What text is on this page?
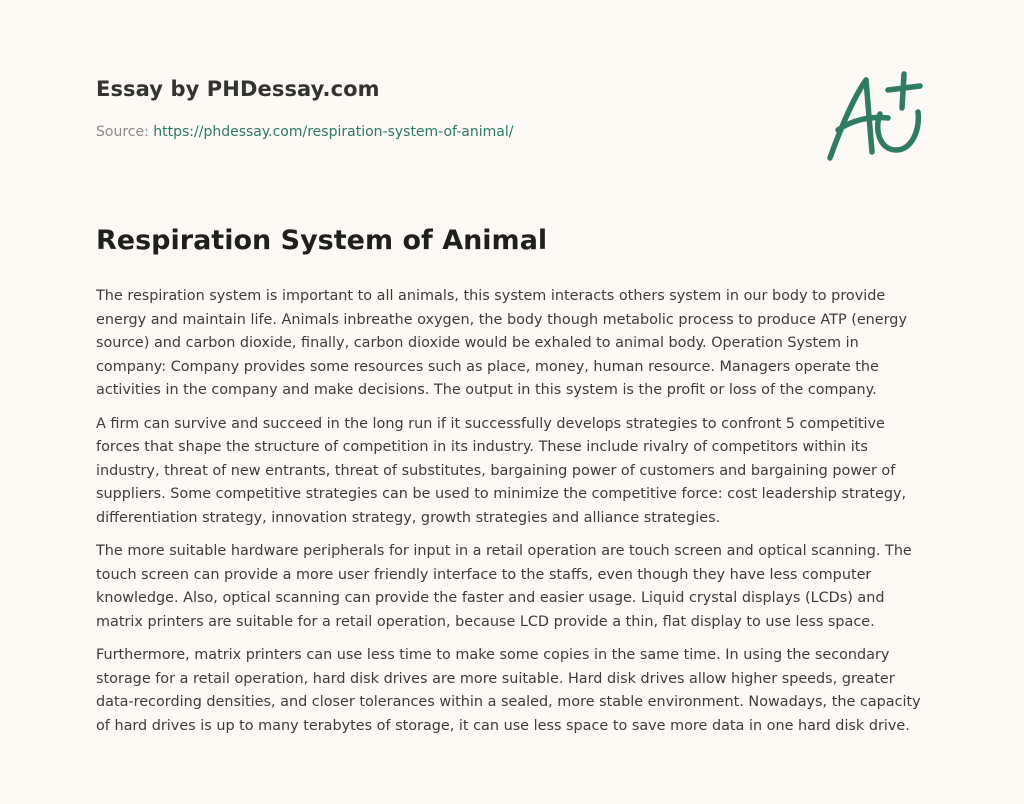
Essay by PHDessay.com
Source: https://phdessay.com/respiration-system-of-animal/
Respiration System of Animal

The respiration system is important to all animals, this system interacts others system in our body to provide energy and maintain life. Animals inbreathe oxygen, the body though metabolic process to produce ATP (energy source) and carbon dioxide, finally, carbon dioxide would be exhaled to animal body. Operation System in company: Company provides some resources such as place, money, human resource. Managers operate the activities in the company and make decisions. The output in this system is the profit or loss of the company.

A firm can survive and succeed in the long run if it successfully develops strategies to confront 5 competitive forces that shape the structure of competition in its industry. These include rivalry of competitors within its industry, threat of new entrants, threat of substitutes, bargaining power of customers and bargaining power of suppliers. Some competitive strategies can be used to minimize the competitive force: cost leadership strategy, differentiation strategy, innovation strategy, growth strategies and alliance strategies.

The more suitable hardware peripherals for input in a retail operation are touch screen and optical scanning. The touch screen can provide a more user friendly interface to the staffs, even though they have less computer knowledge. Also, optical scanning can provide the faster and easier usage. Liquid crystal displays (LCDs) and matrix printers are suitable for a retail operation, because LCD provide a thin, flat display to use less space.

Furthermore, matrix printers can use less time to make some copies in the same time. In using the secondary storage for a retail operation, hard disk drives are more suitable. Hard disk drives allow higher speeds, greater data-recording densities, and closer tolerances within a sealed, more stable environment. Nowadays, the capacity of hard drives is up to many terabytes of storage, it can use less space to save more data in one hard disk drive.
